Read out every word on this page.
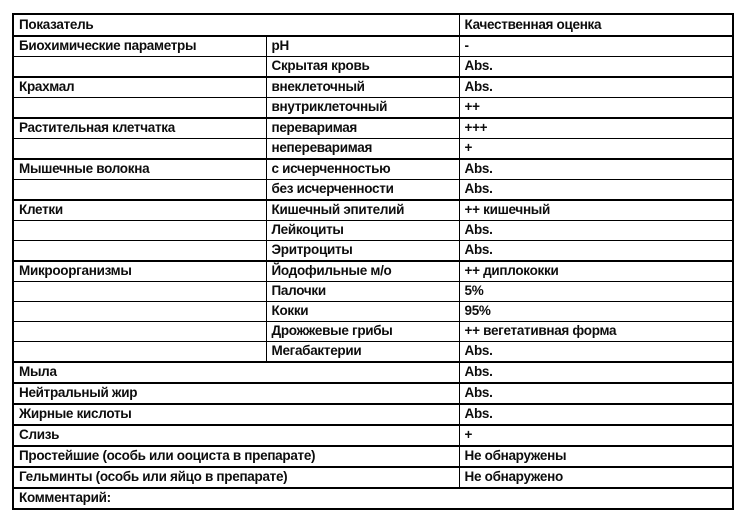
Показатель		Качественная оценка
Биохимические параметры	pH	-
	Скрытая кровь	Abs.
Крахмал	внеклеточный	Abs.
	внутриклеточный	++
Растительная клетчатка	переваримая	+++
	непереваримая	+
Мышечные волокна	с исчерченностью	Abs.
	без исчерченности	Abs.
Клетки	Кишечный эпителий	++ кишечный
	Лейкоциты	Abs.
	Эритроциты	Abs.
Микроорганизмы	Йодофильные м/о	++ диплококки
	Палочки	5%
	Кокки	95%
	Дрожжевые грибы	++ вегетативная форма
	Мегабактерии	Abs.
Мыла		Abs.
Нейтральный жир		Abs.
Жирные кислоты		Abs.
Слизь		+
Простейшие (особь или ооциста в препарате)		Не обнаружены
Гельминты (особь или яйцо в препарате)		Не обнаружено
Комментарий:		
